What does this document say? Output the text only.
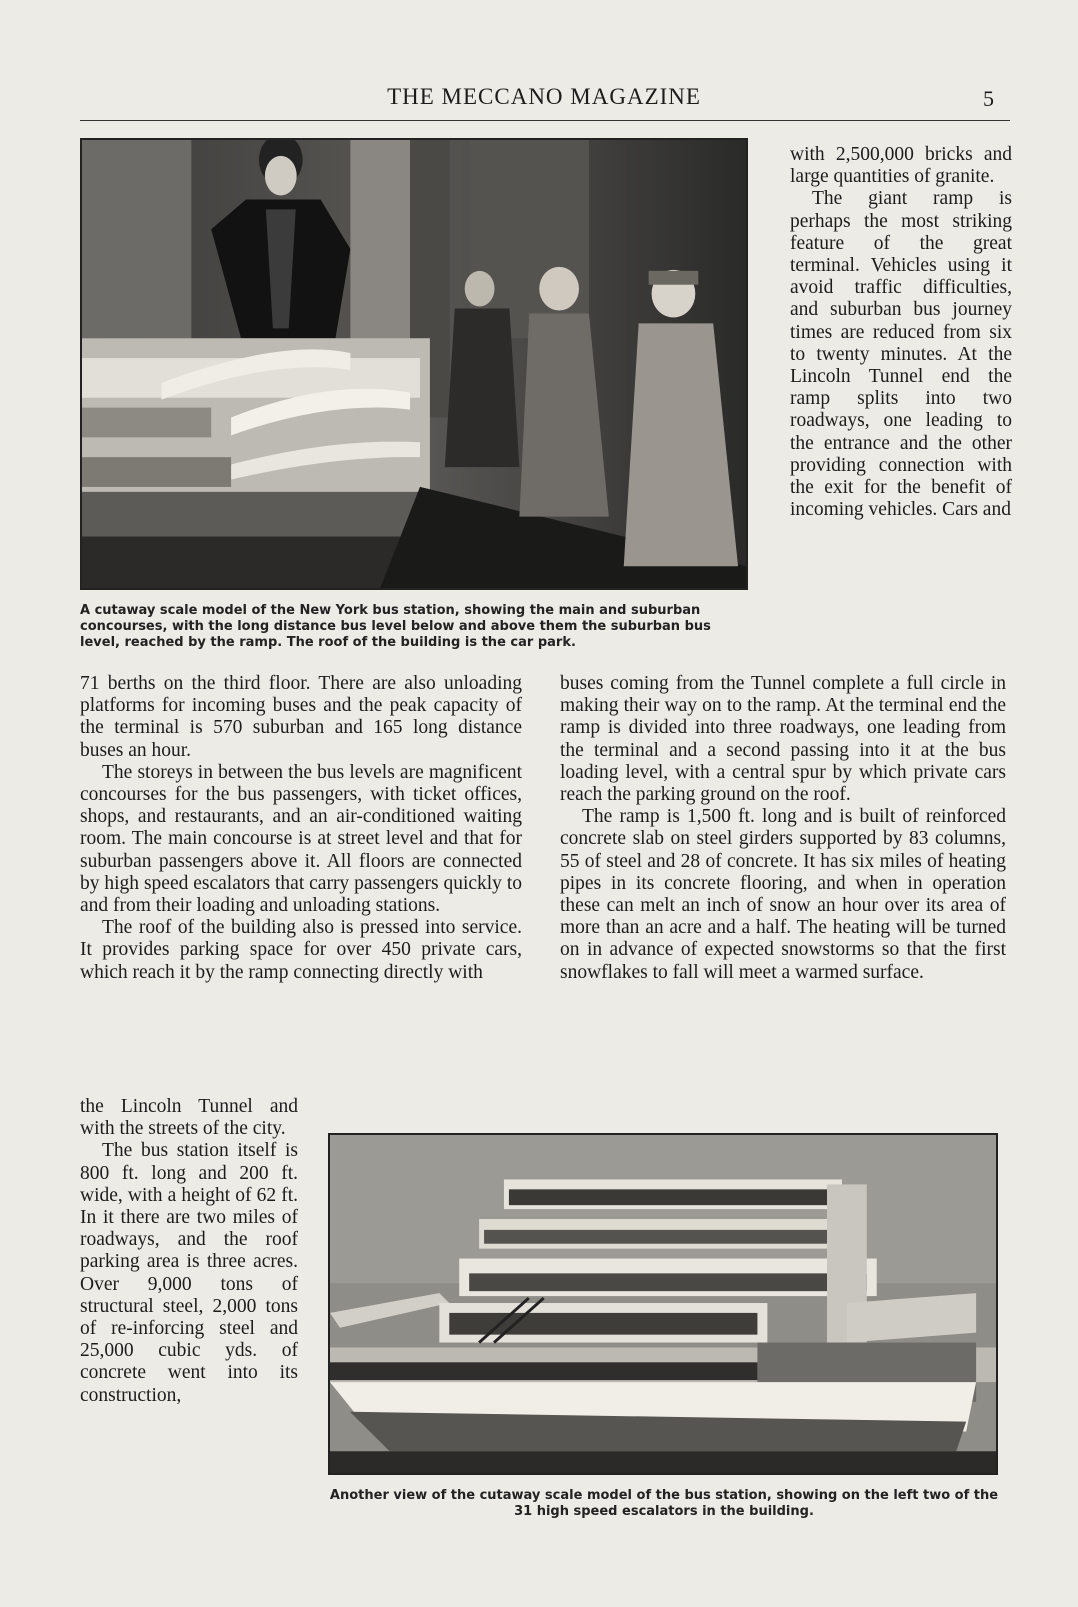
THE MECCANO MAGAZINE	5
A cutaway scale model of the New York bus station, showing the main and suburban concourses, with the long distance bus level below and above them the suburban bus level, reached by the ramp. The roof of the building is the car park.

with 2,500,000 bricks and large quantities of granite.

The giant ramp is perhaps the most striking feature of the great terminal. Vehicles using it avoid traffic difficulties, and suburban bus journey times are reduced from six to twenty minutes. At the Lincoln Tunnel end the ramp splits into two roadways, one leading to the entrance and the other providing connection with the exit for the benefit of incoming vehicles. Cars and

71 berths on the third floor. There are also unloading platforms for incoming buses and the peak capacity of the terminal is 570 suburban and 165 long distance buses an hour.

The storeys in between the bus levels are magnificent concourses for the bus passengers, with ticket offices, shops, and restaurants, and an air-conditioned waiting room. The main concourse is at street level and that for suburban passengers above it. All floors are connected by high speed escalators that carry passengers quickly to and from their loading and unloading stations.

The roof of the building also is pressed into service. It provides parking space for over 450 private cars, which reach it by the ramp connecting directly with

buses coming from the Tunnel complete a full circle in making their way on to the ramp. At the terminal end the ramp is divided into three roadways, one leading from the terminal and a second passing into it at the bus loading level, with a central spur by which private cars reach the parking ground on the roof.

The ramp is 1,500 ft. long and is built of reinforced concrete slab on steel girders supported by 83 columns, 55 of steel and 28 of concrete. It has six miles of heating pipes in its concrete flooring, and when in operation these can melt an inch of snow an hour over its area of more than an acre and a half. The heating will be turned on in advance of expected snowstorms so that the first snowflakes to fall will meet a warmed surface.

the Lincoln Tunnel and with the streets of the city.

The bus station itself is 800 ft. long and 200 ft. wide, with a height of 62 ft. In it there are two miles of roadways, and the roof parking area is three acres. Over 9,000 tons of structural steel, 2,000 tons of re-inforcing steel and 25,000 cubic yds. of concrete went into its construction,

Another view of the cutaway scale model of the bus station, showing on the left two of the 31 high speed escalators in the building.
